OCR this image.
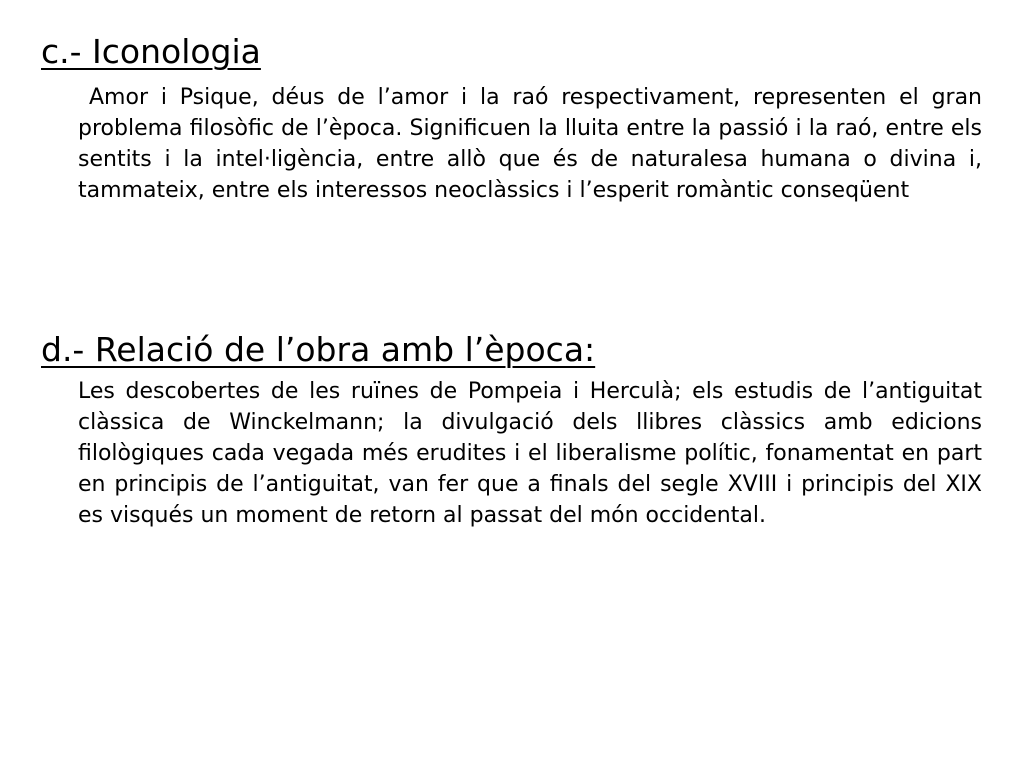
c.- Iconologia

Amor i Psique, déus de l’amor i la raó respectivament, representen el gran problema filosòfic de l’època. Significuen la lluita entre la passió i la raó, entre els sentits i la intel·ligència, entre allò que és de naturalesa humana o divina i, tammateix, entre els interessos neoclàssics i l’esperit romàntic conseqüent

d.- Relació de l’obra amb l’època:

Les descobertes de les ruïnes de Pompeia i Herculà; els estudis de l’antiguitat clàssica de Winckelmann; la divulgació dels llibres clàssics amb edicions filològiques cada vegada més erudites i el liberalisme polític, fonamentat en part en principis de l’antiguitat, van fer que a finals del segle XVIII i principis del XIX es visqués un moment de retorn al passat del món occidental.
